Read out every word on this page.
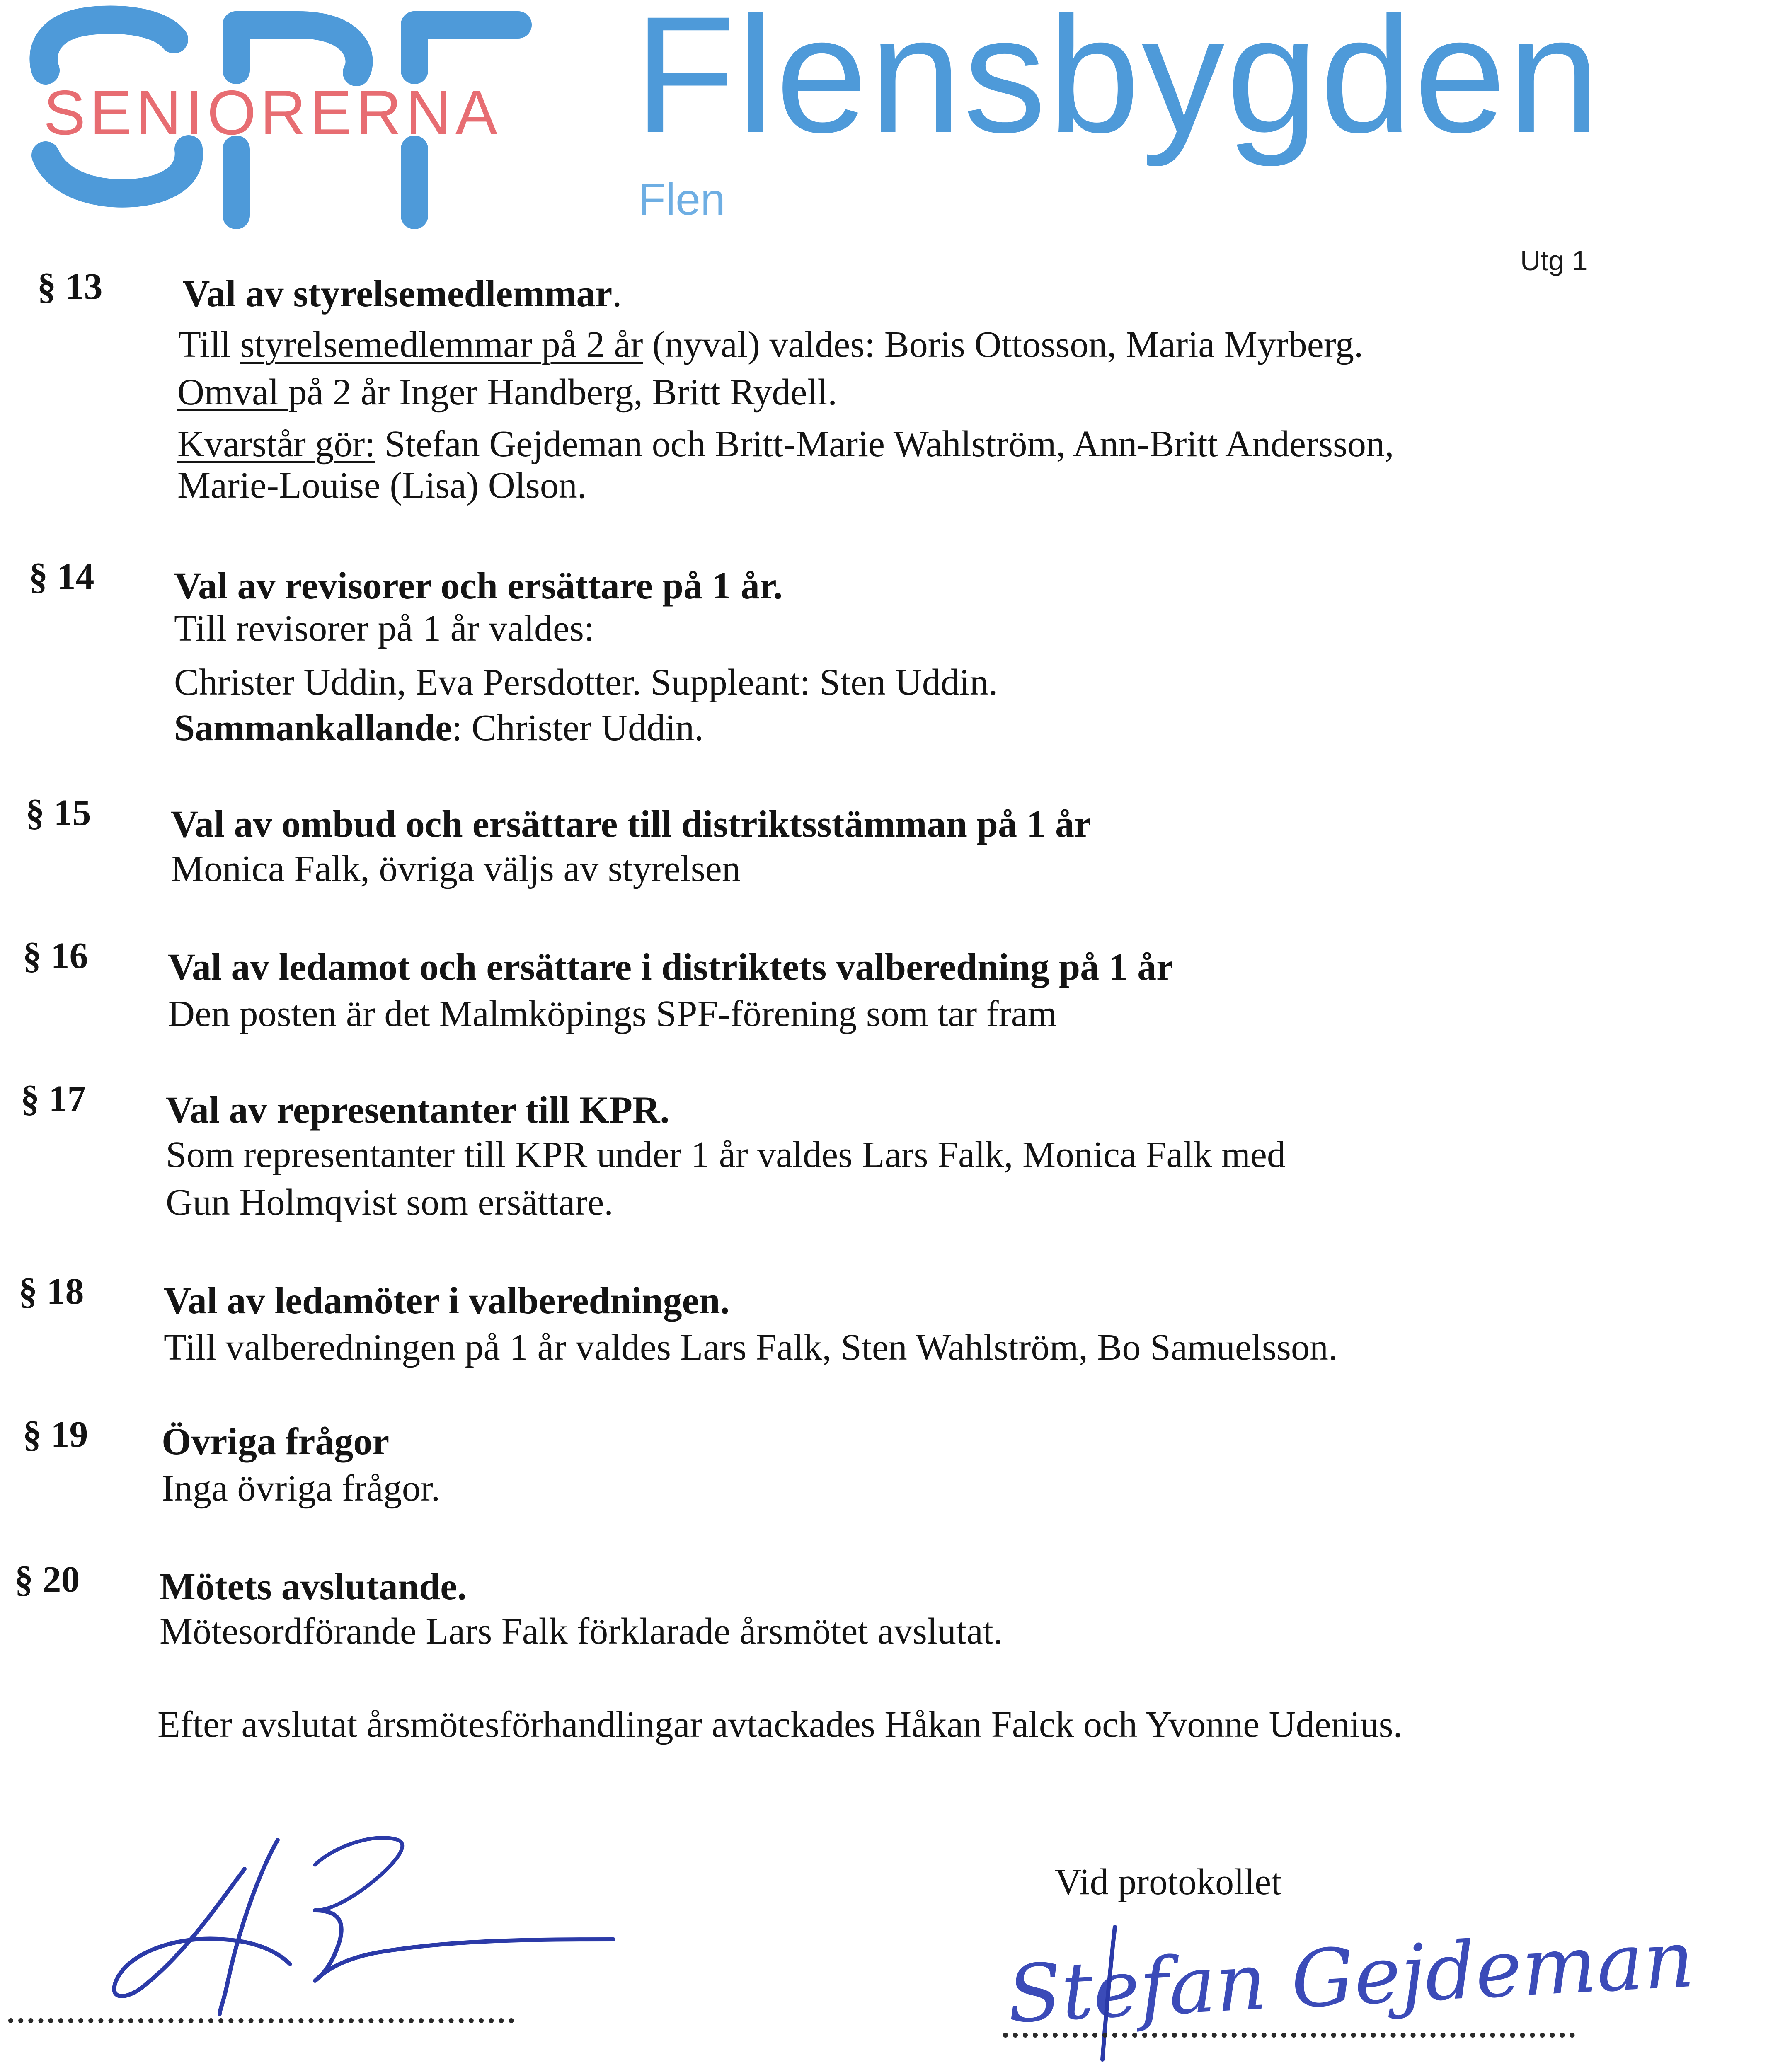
SENIORERNA Flensbygden
Flen
Utg 1
§ 13 Val av styrelsemedlemmar.
Till styrelsemedlemmar på 2 år (nyval) valdes: Boris Ottosson, Maria Myrberg.
Omval på 2 år Inger Handberg, Britt Rydell.
Kvarstår gör: Stefan Gejdeman och Britt-Marie Wahlström, Ann-Britt Andersson,
Marie-Louise (Lisa) Olson.
§ 14 Val av revisorer och ersättare på 1 år.
Till revisorer på 1 år valdes:
Christer Uddin, Eva Persdotter. Suppleant: Sten Uddin.
Sammankallande: Christer Uddin.
§ 15 Val av ombud och ersättare till distriktsstämman på 1 år
Monica Falk, övriga väljs av styrelsen
§ 16 Val av ledamot och ersättare i distriktets valberedning på 1 år
Den posten är det Malmköpings SPF-förening som tar fram
§ 17 Val av representanter till KPR.
Som representanter till KPR under 1 år valdes Lars Falk, Monica Falk med
Gun Holmqvist som ersättare.
§ 18 Val av ledamöter i valberedningen.
Till valberedningen på 1 år valdes Lars Falk, Sten Wahlström, Bo Samuelsson.
§ 19 Övriga frågor
Inga övriga frågor.
§ 20 Mötets avslutande.
Mötesordförande Lars Falk förklarade årsmötet avslutat.
Efter avslutat årsmötesförhandlingar avtackades Håkan Falck och Yvonne Udenius.
Vid protokollet
Stefan Gejdeman
